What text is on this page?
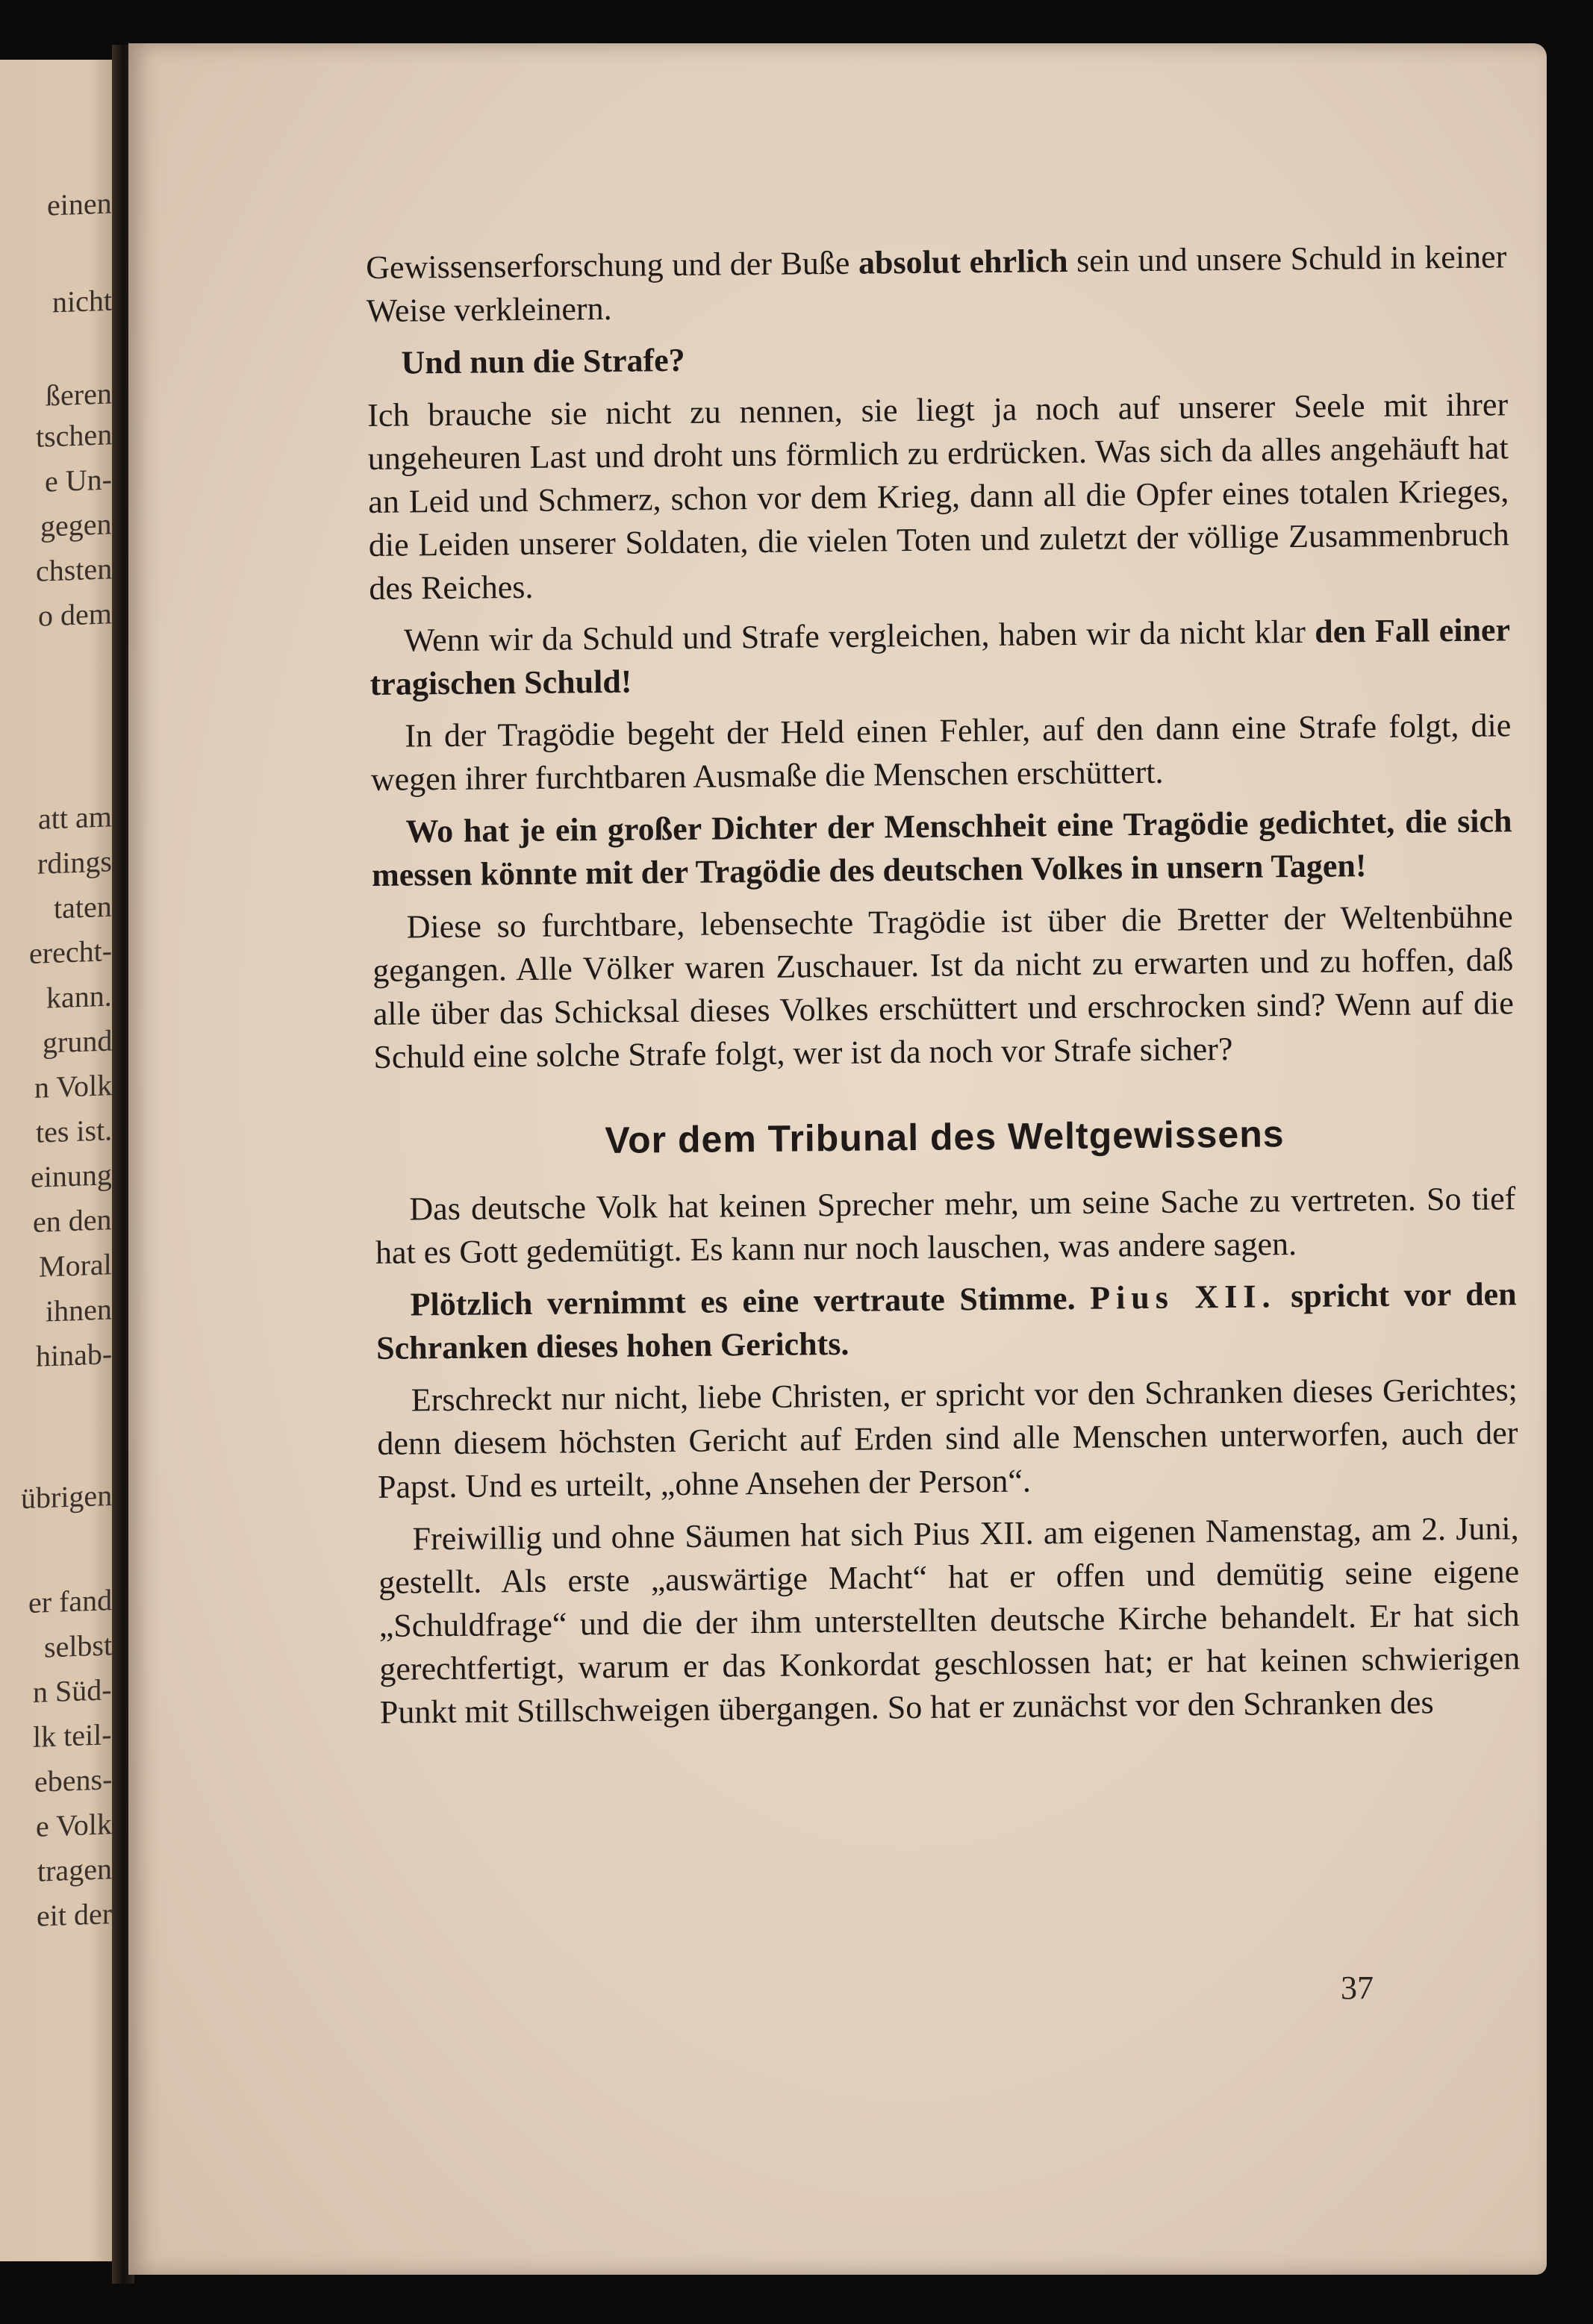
einen
nicht
ßeren
tschen
e Un-
gegen
chsten
o dem
att am
rdings
taten
erecht-
kann.
grund
n Volk
tes ist.
einung
en den
Moral
ihnen
hinab-
übrigen
er fand
selbst
n Süd-
lk teil-
ebens-
e Volk
tragen
eit der

Gewissenserforschung und der Buße absolut ehrlich sein und unsere Schuld in keiner Weise verkleinern.

Und nun die Strafe?

Ich brauche sie nicht zu nennen, sie liegt ja noch auf unserer Seele mit ihrer ungeheuren Last und droht uns förmlich zu erdrücken. Was sich da alles angehäuft hat an Leid und Schmerz, schon vor dem Krieg, dann all die Opfer eines totalen Krieges, die Leiden unserer Soldaten, die vielen Toten und zuletzt der völlige Zusammenbruch des Reiches.

Wenn wir da Schuld und Strafe vergleichen, haben wir da nicht klar den Fall einer tragischen Schuld!

In der Tragödie begeht der Held einen Fehler, auf den dann eine Strafe folgt, die wegen ihrer furchtbaren Ausmaße die Menschen erschüttert.

Wo hat je ein großer Dichter der Menschheit eine Tragödie gedichtet, die sich messen könnte mit der Tragödie des deutschen Volkes in unsern Tagen!

Diese so furchtbare, lebensechte Tragödie ist über die Bretter der Weltenbühne gegangen. Alle Völker waren Zuschauer. Ist da nicht zu erwarten und zu hoffen, daß alle über das Schicksal dieses Volkes erschüttert und erschrocken sind? Wenn auf die Schuld eine solche Strafe folgt, wer ist da noch vor Strafe sicher?

Vor dem Tribunal des Weltgewissens

Das deutsche Volk hat keinen Sprecher mehr, um seine Sache zu vertreten. So tief hat es Gott gedemütigt. Es kann nur noch lauschen, was andere sagen.

Plötzlich vernimmt es eine vertraute Stimme. Pius XII. spricht vor den Schranken dieses hohen Gerichts.

Erschreckt nur nicht, liebe Christen, er spricht vor den Schranken dieses Gerichtes; denn diesem höchsten Gericht auf Erden sind alle Menschen unterworfen, auch der Papst. Und es urteilt, „ohne Ansehen der Person“.

Freiwillig und ohne Säumen hat sich Pius XII. am eigenen Namenstag, am 2. Juni, gestellt. Als erste „auswärtige Macht“ hat er offen und demütig seine eigene „Schuldfrage“ und die der ihm unterstellten deutsche Kirche behandelt. Er hat sich gerechtfertigt, warum er das Konkordat geschlossen hat; er hat keinen schwierigen Punkt mit Stillschweigen übergangen. So hat er zunächst vor den Schranken des

37
